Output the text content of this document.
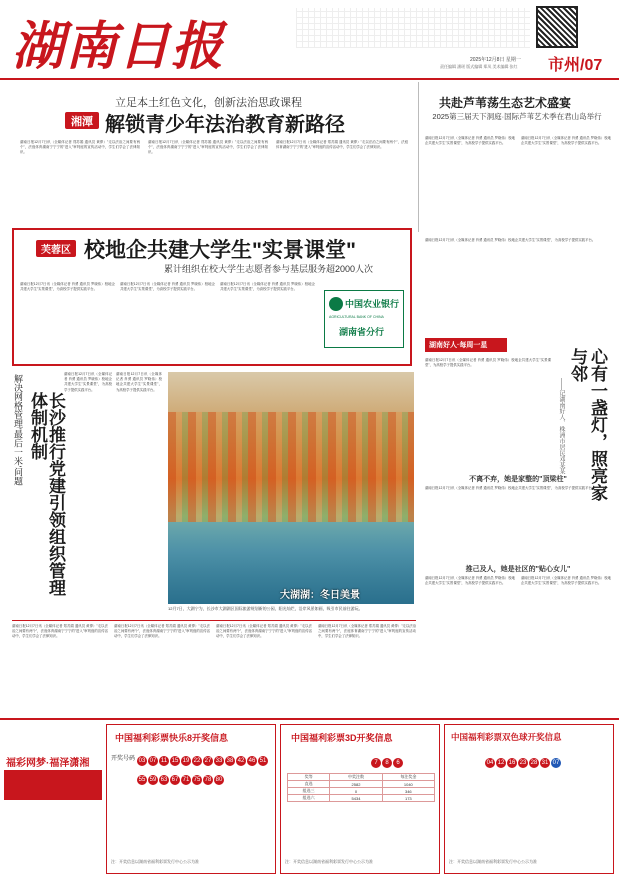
湖南日报	2025年12月8日 星期一
责任编辑 潘瑶 版式编辑 郑凤 美术编辑 张红 市州/07
立足本土红色文化，创新法治思政课程
湘潭 解锁青少年法治教育新路径
湖南日报12月7日讯（全媒体记者 郑苏娟 通讯员 黄俸）"走以法治之间要有两个"，法庭体育湖南宁宁宁的"进入"审判庭的宣传活动中，学生们学会了法律知识。
湖南日报12月7日讯（全媒体记者 郑苏娟 通讯员 黄俸）"走以法治之间要有两个"，法庭体育湖南宁宁宁的"进入"审判庭的宣传活动中，学生们学会了法律知识。
湖南日报12月7日讯（全媒体记者 郑苏娟 通讯员 黄俸）"走以法治之间要有两个"，法庭体育湖南宁宁宁的"进入"审判庭的宣传活动中，学生们学会了法律知识。
共赴芦苇荡生态艺术盛宴
2025第三届天下洞庭·国际芦苇艺术季在君山岛举行
湖南日报12月7日讯（全媒体记者 肖勇 通讯员 罗晓伟）校地企共建大学生"实景课堂"，为高校学子提供实践平台。
湖南日报12月7日讯（全媒体记者 肖勇 通讯员 罗晓伟）校地企共建大学生"实景课堂"，为高校学子提供实践平台。
芙蓉区 校地企共建大学生"实景课堂"
累计组织在校大学生志愿者参与基层服务超2000人次
湖南日报12月7日讯（全媒体记者 肖勇 通讯员 罗晓伟）校地企共建大学生"实景课堂"，为高校学子提供实践平台。
湖南日报12月7日讯（全媒体记者 肖勇 通讯员 罗晓伟）校地企共建大学生"实景课堂"，为高校学子提供实践平台。
湖南日报12月7日讯（全媒体记者 肖勇 通讯员 罗晓伟）校地企共建大学生"实景课堂"，为高校学子提供实践平台。
中国农业银行
AGRICULTURAL BANK OF CHINA
湖南省分行
湖南日报12月7日讯（全媒体记者 肖勇 通讯员 罗晓伟）校地企共建大学生"实景课堂"，为高校学子提供实践平台。
湖南好人·每周一星
心有一盏灯，照亮家与邻
——记湖南好人、株洲市居民邓某某
湖南日报12月7日讯（全媒体记者 肖勇 通讯员 罗晓伟）校地企共建大学生"实景课堂"，为高校学子提供实践平台。
不离不弃，她是家整的"顶梁柱"
湖南日报12月7日讯（全媒体记者 肖勇 通讯员 罗晓伟）校地企共建大学生"实景课堂"，为高校学子提供实践平台。
推己及人，她是社区的"贴心女儿"
湖南日报12月7日讯（全媒体记者 肖勇 通讯员 罗晓伟）校地企共建大学生"实景课堂"，为高校学子提供实践平台。
湖南日报12月7日讯（全媒体记者 肖勇 通讯员 罗晓伟）校地企共建大学生"实景课堂"，为高校学子提供实践平台。
解决网格管理'最后一米'问题	长沙推行党建引领组织管理体制机制
湖南日报12月7日讯（全媒体记者 肖勇 通讯员 罗晓伟）校地企共建大学生"实景课堂"，为高校学子提供实践平台。
湖南日报12月7日讯（全媒体记者 肖勇 通讯员 罗晓伟）校地企共建大学生"实景课堂"，为高校学子提供实践平台。
大湖湖：冬日美景
12月7日，大湖宁为，长沙市大湖湖区国际旅游规划新的公园，阳光灿烂，沿岸风景如画，吸引市民前往游玩。
湖南日报12月7日讯（全媒体记者 郑苏娟 通讯员 黄俸）"走以法治之间要有两个"，法庭体育湖南宁宁宁的"进入"审判庭的宣传活动中，学生们学会了法律知识。
湖南日报12月7日讯（全媒体记者 郑苏娟 通讯员 黄俸）"走以法治之间要有两个"，法庭体育湖南宁宁宁的"进入"审判庭的宣传活动中，学生们学会了法律知识。
湖南日报12月7日讯（全媒体记者 郑苏娟 通讯员 黄俸）"走以法治之间要有两个"，法庭体育湖南宁宁宁的"进入"审判庭的宣传活动中，学生们学会了法律知识。
湖南日报12月7日讯（全媒体记者 郑苏娟 通讯员 黄俸）"走以法治之间要有两个"，法庭体育湖南宁宁宁的"进入"审判庭的宣传活动中，学生们学会了法律知识。
福彩网梦·福泽潇湘
中国福利彩票快乐8开奖信息
开奖号码 03 07 11 15 19 22 27 33 38 42 46 5155 59 63 67 71 75 78 80
注：开奖信息以湖南省福利彩票发行中心公示为准
中国福利彩票3D开奖信息
7 8 6
奖等	中奖注数	每注奖金
直选	2582	1040
组选三	0	346
组选六	5434	173
注：开奖信息以湖南省福利彩票发行中心公示为准
中国福利彩票双色球开奖信息
04 12 16 23 28 31 07
注：开奖信息以湖南省福利彩票发行中心公示为准
